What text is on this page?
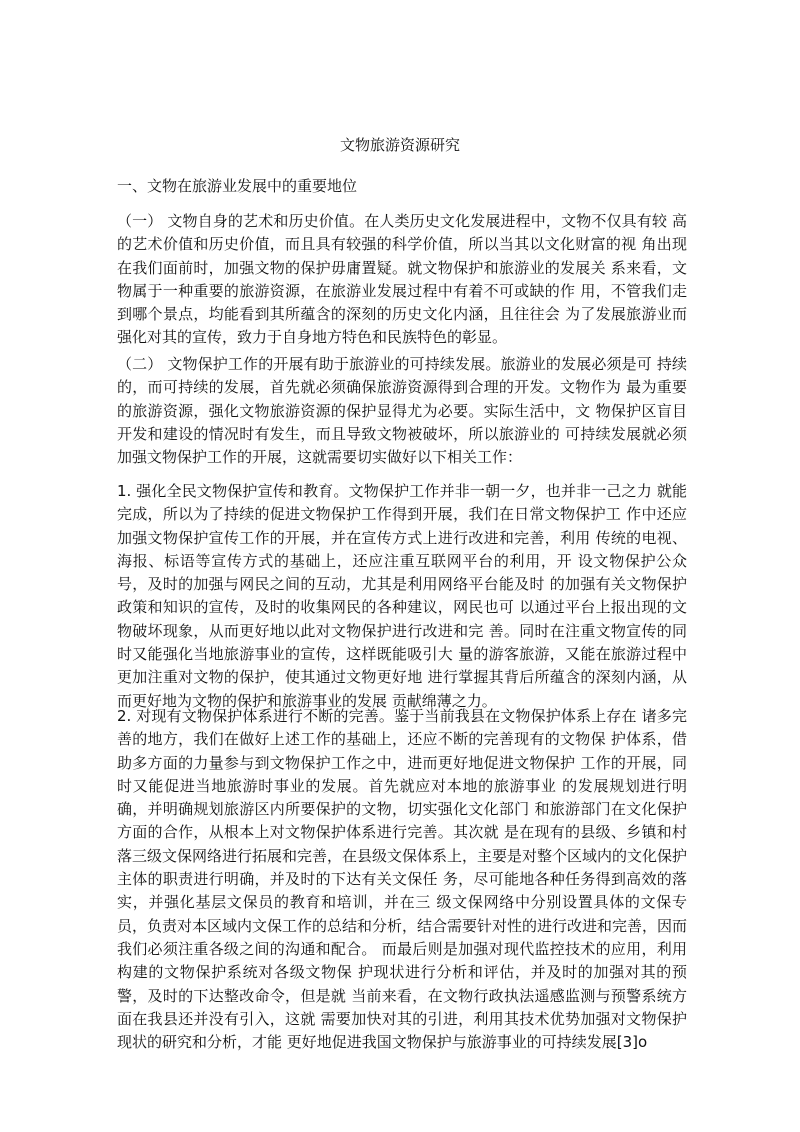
文物旅游资源研究
一、文物在旅游业发展中的重要地位

（一） 文物自身的艺术和历史价值。在人类历史文化发展进程中，文物不仅具有较 高的艺术价值和历史价值，而且具有较强的科学价值，所以当其以文化财富的视 角出现在我们面前时，加强文物的保护毋庸置疑。就文物保护和旅游业的发展关 系来看，文物属于一种重要的旅游资源，在旅游业发展过程中有着不可或缺的作 用，不管我们走到哪个景点，均能看到其所蕴含的深刻的历史文化内涵，且往往会 为了发展旅游业而强化对其的宣传，致力于自身地方特色和民族特色的彰显。

（二） 文物保护工作的开展有助于旅游业的可持续发展。旅游业的发展必须是可 持续的，而可持续的发展，首先就必须确保旅游资源得到合理的开发。文物作为 最为重要的旅游资源，强化文物旅游资源的保护显得尤为必要。实际生活中，文 物保护区盲目开发和建设的情况时有发生，而且导致文物被破坏，所以旅游业的 可持续发展就必须加强文物保护工作的开展，这就需要切实做好以下相关工作：

1. 强化全民文物保护宣传和教育。文物保护工作并非一朝一夕，也并非一己之力 就能完成，所以为了持续的促进文物保护工作得到开展，我们在日常文物保护工 作中还应加强文物保护宣传工作的开展，并在宣传方式上进行改进和完善，利用 传统的电视、海报、标语等宣传方式的基础上，还应注重互联网平台的利用，开 设文物保护公众号，及时的加强与网民之间的互动，尤其是利用网络平台能及时 的加强有关文物保护政策和知识的宣传，及时的收集网民的各种建议，网民也可 以通过平台上报出现的文物破坏现象，从而更好地以此对文物保护进行改进和完 善。同时在注重文物宣传的同时又能强化当地旅游事业的宣传，这样既能吸引大 量的游客旅游，又能在旅游过程中更加注重对文物的保护，使其通过文物更好地 进行掌握其背后所蕴含的深刻内涵，从而更好地为文物的保护和旅游事业的发展 贡献绵薄之力。

2. 对现有文物保护体系进行不断的完善。鉴于当前我县在文物保护体系上存在 诸多完善的地方，我们在做好上述工作的基础上，还应不断的完善现有的文物保 护体系，借助多方面的力量参与到文物保护工作之中，进而更好地促进文物保护 工作的开展，同时又能促进当地旅游时事业的发展。首先就应对本地的旅游事业 的发展规划进行明确，并明确规划旅游区内所要保护的文物，切实强化文化部门 和旅游部门在文化保护方面的合作，从根本上对文物保护体系进行完善。其次就 是在现有的县级、乡镇和村落三级文保网络进行拓展和完善，在县级文保体系上，主要是对整个区域内的文化保护主体的职责进行明确，并及时的下达有关文保任 务，尽可能地各种任务得到高效的落实，并强化基层文保员的教育和培训，并在三 级文保网络中分别设置具体的文保专员，负责对本区域内文保工作的总结和分析，结合需要针对性的进行改进和完善，因而我们必须注重各级之间的沟通和配合。 而最后则是加强对现代监控技术的应用，利用构建的文物保护系统对各级文物保 护现状进行分析和评估，并及时的加强对其的预警，及时的下达整改命令，但是就 当前来看，在文物行政执法遥感监测与预警系统方面在我县还并没有引入，这就 需要加快对其的引进，利用其技术优势加强对文物保护现状的研究和分析，才能 更好地促进我国文物保护与旅游事业的可持续发展[3]o
